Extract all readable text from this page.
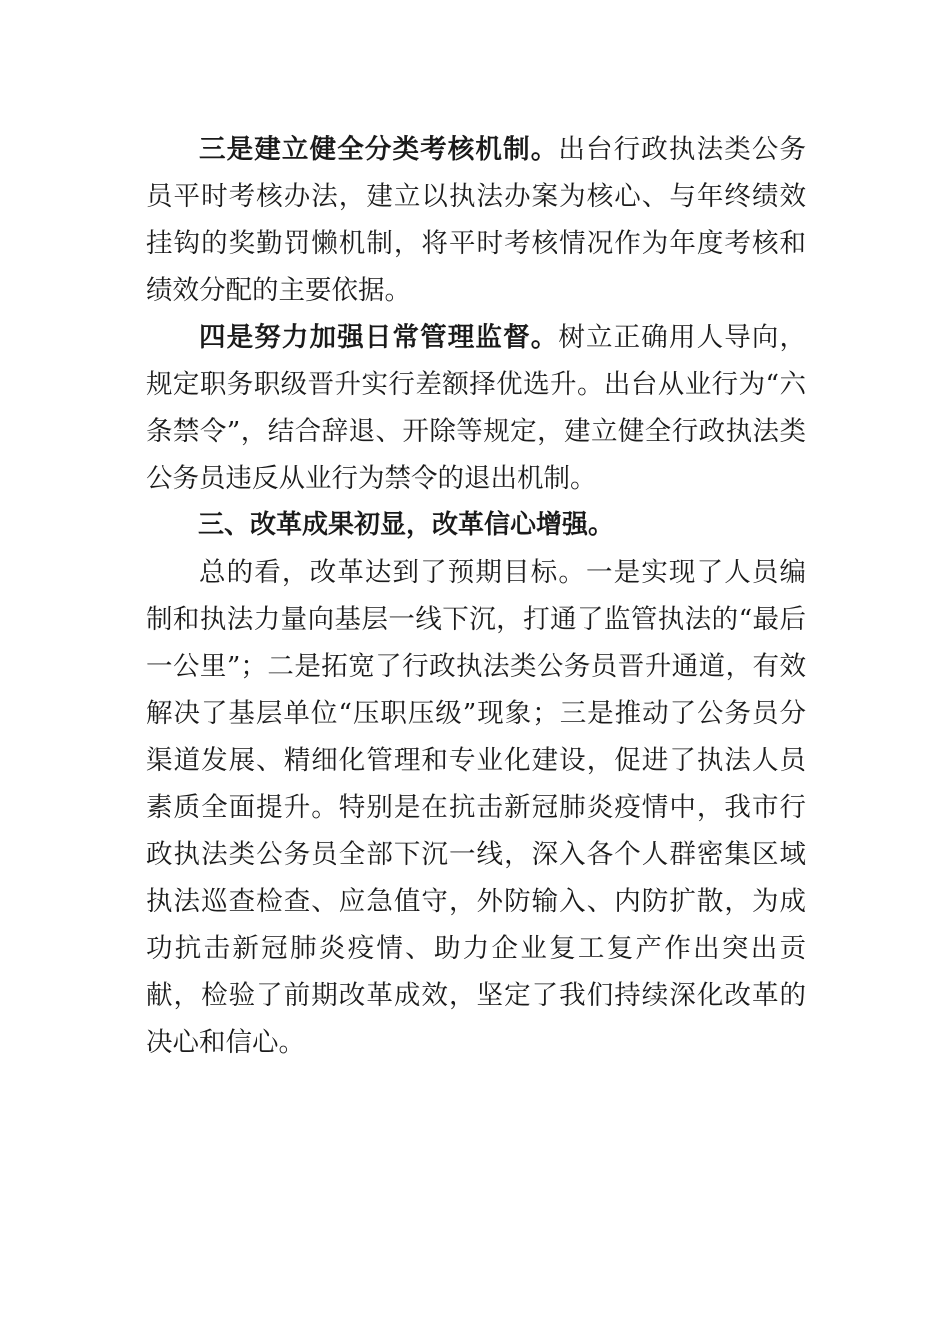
三是建立健全分类考核机制。出台行政执法类公务员平时考核办法，建立以执法办案为核心、与年终绩效挂钩的奖勤罚懒机制，将平时考核情况作为年度考核和绩效分配的主要依据。

四是努力加强日常管理监督。树立正确用人导向，规定职务职级晋升实行差额择优选升。出台从业行为“六条禁令”，结合辞退、开除等规定，建立健全行政执法类公务员违反从业行为禁令的退出机制。

三、改革成果初显，改革信心增强。

总的看，改革达到了预期目标。一是实现了人员编制和执法力量向基层一线下沉，打通了监管执法的“最后一公里”；二是拓宽了行政执法类公务员晋升通道，有效解决了基层单位“压职压级”现象；三是推动了公务员分渠道发展、精细化管理和专业化建设，促进了执法人员素质全面提升。特别是在抗击新冠肺炎疫情中，我市行政执法类公务员全部下沉一线，深入各个人群密集区域执法巡查检查、应急值守，外防输入、内防扩散，为成功抗击新冠肺炎疫情、助力企业复工复产作出突出贡献，检验了前期改革成效，坚定了我们持续深化改革的决心和信心。
